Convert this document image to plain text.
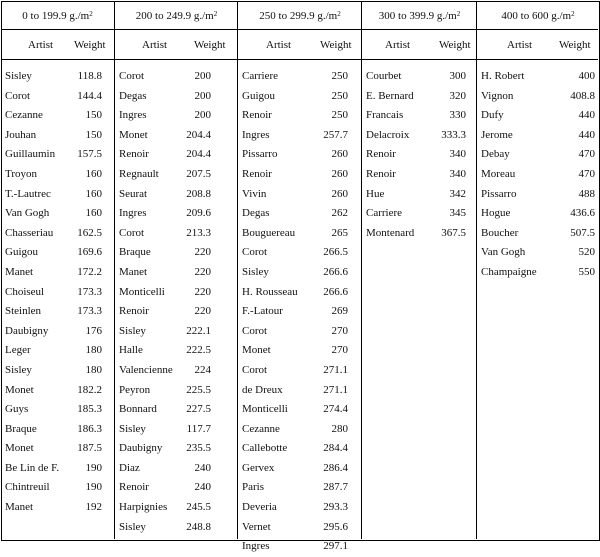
0 to 199.9 $g./m^2$
Artist Weight
Sisley	118.8
Corot	144.4
Cezanne	150
Jouhan	150
Guillaumin 157.5
Troyon	160
T.-Lautrec	160
Van Gogh	160
Chasseriau 162.5
Guigou	169.6
Manet	172.2
Choiseul	173.3
Steinlen	173.3
Daubigny	176
Leger	180
Sisley	180
Monet	182.2
Guys	185.3
Braque	186.3
Monet	187.5
Be Lin de F. 190
Chintreuil	190
Manet	192
200 to 249.9 $g./m^2$
Artist Weight
Corot	200
Degas	200
Ingres	200
Monet	204.4
Renoir	204.4
Regnault	207.5
Seurat	208.8
Ingres	209.6
Corot	213.3
Braque	220
Manet	220
Monticelli	220
Renoir	220
Sisley	222.1
Halle	222.5
Valencienne 224
Peyron	225.5
Bonnard	227.5
Sisley	117.7
Daubigny 235.5
Diaz	240
Renoir	240
Harpignies 245.5
Sisley	248.8
250 to 299.9 $g./m^2$
Artist	Weight
Carriere	250
Guigou	250
Renoir	250
Ingres	257.7
Pissarro	260
Renoir	260
Vivin	260
Degas	262
Bouguereau	265
Corot	266.5
Sisley	266.6
H. Rousseau 266.6
F.-Latour	269
Corot	270
Monet	270
Corot	271.1
de Dreux	271.1
Monticelli	274.4
Cezanne	280
Callebotte	284.4
Gervex	286.4
Paris	287.7
Deveria	293.3
Vernet	295.6
Ingres	297.1
300 to 399.9 $g./m^2$
Artist	Weight
Courbet	300
E. Bernard	320
Francais	330
Delacroix	333.3
Renoir	340
Renoir	340
Hue	342
Carriere	345
Montenard 367.5
400 to 600 $g./m^2$
Artist Weight
H. Robert	400
Vignon	408.8
Dufy	440
Jerome	440
Debay	470
Moreau	470
Pissarro	488
Hogue	436.6
Boucher	507.5
Van Gogh	520
Champaigne	550
